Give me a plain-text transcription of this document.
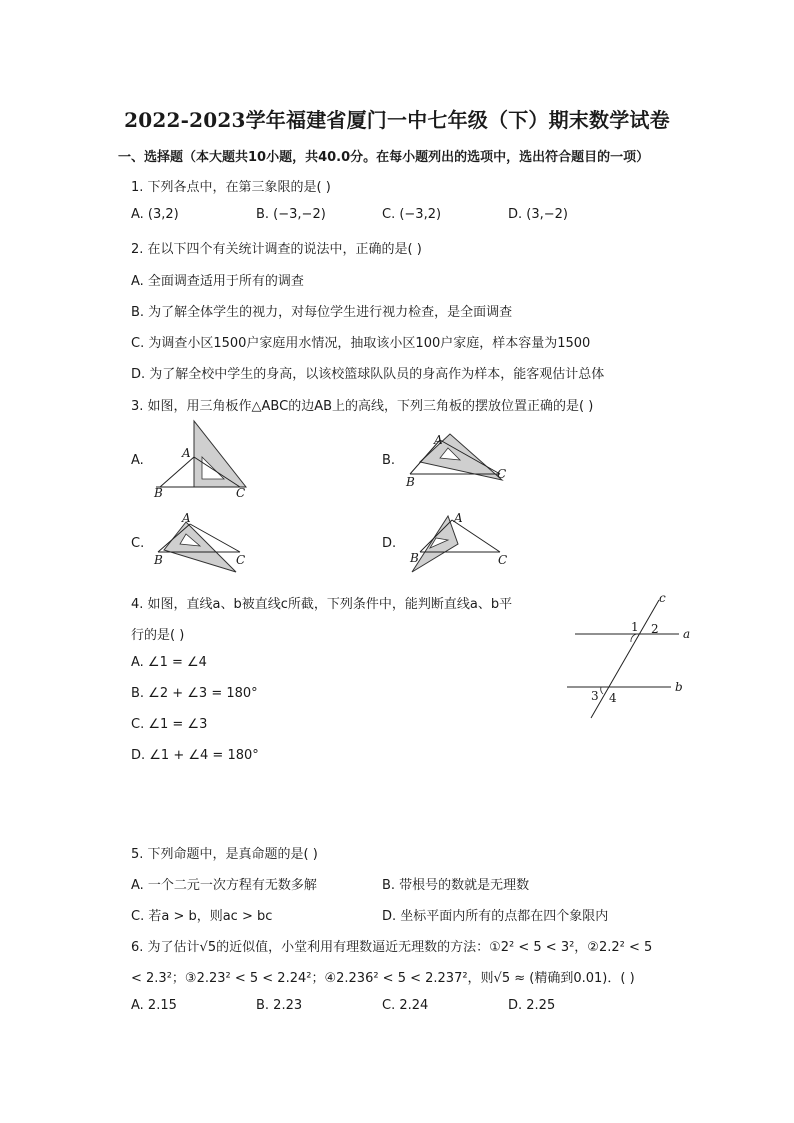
2022-2023学年福建省厦门一中七年级（下）期末数学试卷
一、选择题（本大题共10小题，共40.0分。在每小题列出的选项中，选出符合题目的一项）
1. 下列各点中，在第三象限的是( )
A. (3,2)	B. (−3,−2)	C. (−3,2)	D. (3,−2)
2. 在以下四个有关统计调查的说法中，正确的是( )
A. 全面调查适用于所有的调查
B. 为了解全体学生的视力，对每位学生进行视力检查，是全面调查
C. 为调查小区1500户家庭用水情况，抽取该小区100户家庭，样本容量为1500
D. 为了解全校中学生的身高，以该校篮球队队员的身高作为样本，能客观估计总体
3. 如图，用三角板作△ABC的边AB上的高线，下列三角板的摆放位置正确的是( )
A.	A
B	C
B.
A
B
C
C.
A
B	C
D.
A
B	C
4. 如图，直线a、b被直线c所截，下列条件中，能判断直线a、b平
行的是( )
A. ∠1 = ∠4
B. ∠2 + ∠3 = 180°
C. ∠1 = ∠3
D. ∠1 + ∠4 = 180°
c
a
b
1 2
3 4
5. 下列命题中，是真命题的是( )
A. 一个二元一次方程有无数多解	B. 带根号的数就是无理数
C. 若a > b，则ac > bc	D. 坐标平面内所有的点都在四个象限内
6. 为了估计√5的近似值，小堂利用有理数逼近无理数的方法：①2² < 5 < 3²，②2.2² < 5
< 2.3²；③2.23² < 5 < 2.24²；④2.236² < 5 < 2.237²，则√5 ≈ (精确到0.01)．( )
A. 2.15	B. 2.23	C. 2.24	D. 2.25
